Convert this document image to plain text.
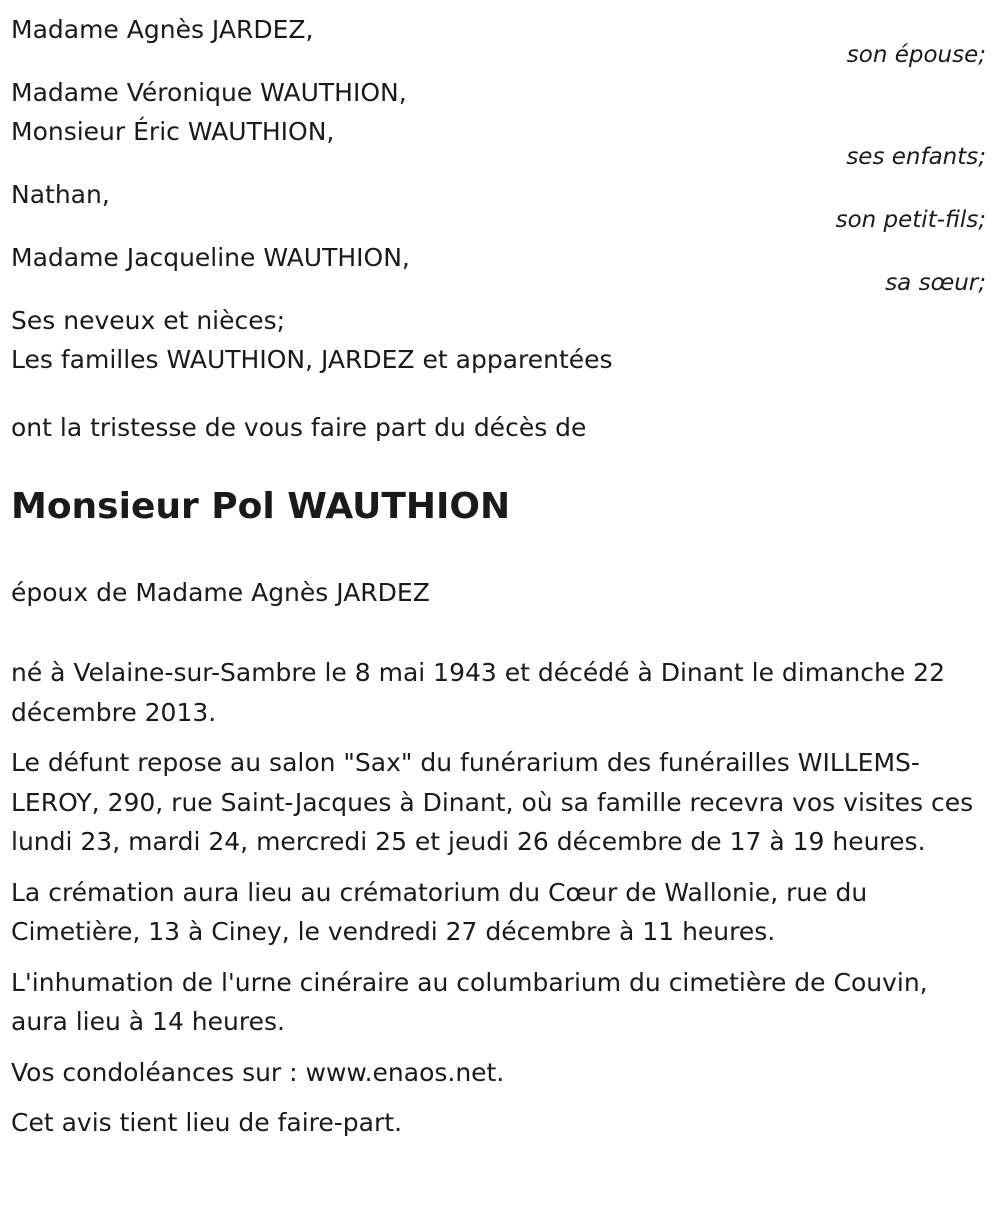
Madame Agnès JARDEZ,
son épouse;
Madame Véronique WAUTHION,
Monsieur Éric WAUTHION,
ses enfants;
Nathan,
son petit-fils;
Madame Jacqueline WAUTHION,
sa sœur;
Ses neveux et nièces;
Les familles WAUTHION, JARDEZ et apparentées
ont la tristesse de vous faire part du décès de
Monsieur Pol WAUTHION
époux de Madame Agnès JARDEZ
né à Velaine-sur-Sambre le 8 mai 1943 et décédé à Dinant le dimanche 22 décembre 2013.
Le défunt repose au salon "Sax" du funérarium des funérailles WILLEMS-LEROY, 290, rue Saint-Jacques à Dinant, où sa famille recevra vos visites ces lundi 23, mardi 24, mercredi 25 et jeudi 26 décembre de 17 à 19 heures.
La crémation aura lieu au crématorium du Cœur de Wallonie, rue du Cimetière, 13 à Ciney, le vendredi 27 décembre à 11 heures.
L'inhumation de l'urne cinéraire au columbarium du cimetière de Couvin, aura lieu à 14 heures.
Vos condoléances sur : www.enaos.net.
Cet avis tient lieu de faire-part.
